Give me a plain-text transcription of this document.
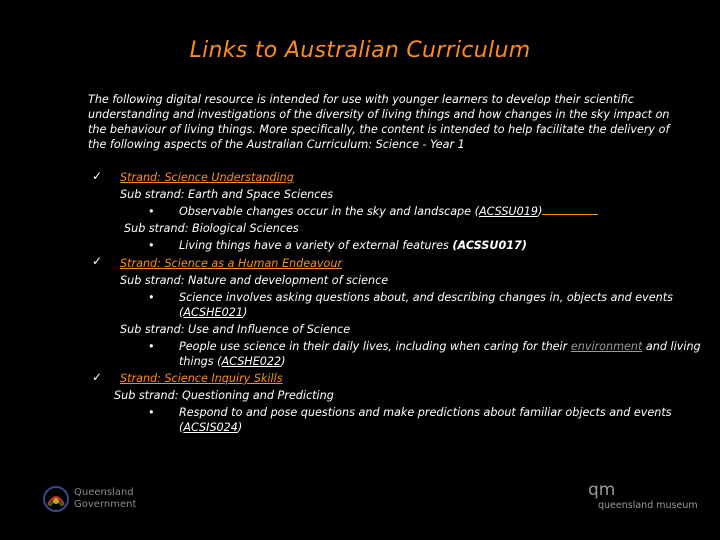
Links to Australian Curriculum
The following digital resource is intended for use with younger learners to develop their scientific understanding and investigations of the diversity of living things and how changes in the sky impact on the behaviour of living things. More specifically, the content is intended to help facilitate the delivery of the following aspects of the Australian Curriculum: Science - Year 1
✓ Strand: Science Understanding
Sub strand: Earth and Space Sciences
• Observable changes occur in the sky and landscape (ACSSU019)
Sub strand: Biological Sciences
• Living things have a variety of external features (ACSSU017)
✓ Strand: Science as a Human Endeavour
Sub strand: Nature and development of science
• Science involves asking questions about, and describing changes in, objects and events
(ACSHE021)
Sub strand: Use and Influence of Science
• People use science in their daily lives, including when caring for their environment and living
things (ACSHE022)
✓ Strand: Science Inquiry Skills
Sub strand: Questioning and Predicting
• Respond to and pose questions and make predictions about familiar objects and events
(ACSIS024)
Queensland
Government
qm
queensland museum
